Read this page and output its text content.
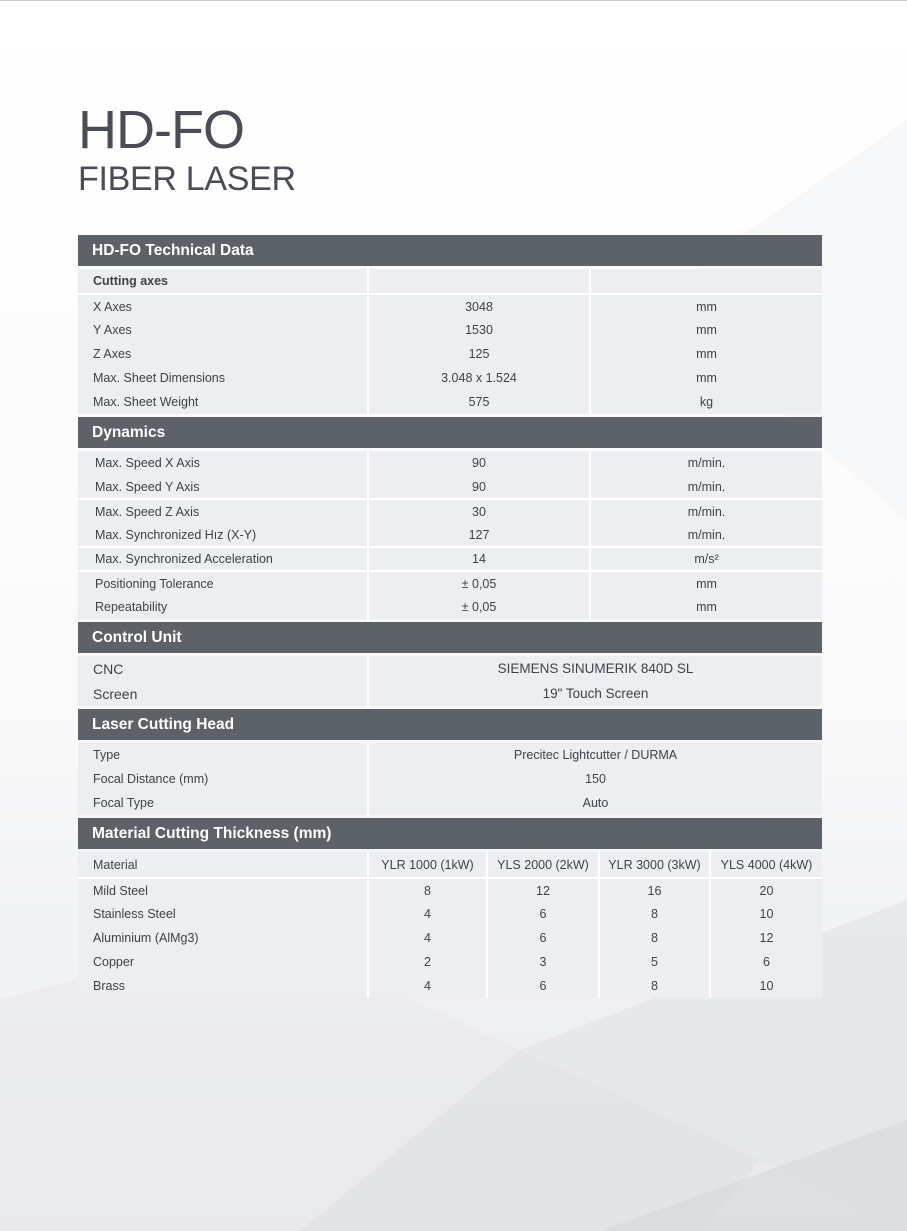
HD-FO
FIBER LASER
HD-FO Technical Data
Cutting axes		
X Axes	3048	mm
Y Axes	1530	mm
Z Axes	125	mm
Max. Sheet Dimensions	3.048 x 1.524	mm
Max. Sheet Weight	575	kg
Dynamics
Max. Speed X Axis	90	m/min.
Max. Speed Y Axis	90	m/min.
Max. Speed Z Axis	30	m/min.
Max. Synchronized Hız (X-Y)	127	m/min.
Max. Synchronized Acceleration	14	m/s²
Positioning Tolerance	± 0,05	mm
Repeatability	± 0,05	mm
Control Unit
CNC	SIEMENS SINUMERIK 840D SL
Screen	19" Touch Screen
Laser Cutting Head
Type	Precitec Lightcutter / DURMA
Focal Distance (mm)	150
Focal Type	Auto
Material Cutting Thickness (mm)
Material	YLR 1000 (1kW)	YLS 2000 (2kW)	YLR 3000 (3kW)	YLS 4000 (4kW)
Mild Steel	8	12	16	20
Stainless Steel	4	6	8	10
Aluminium (AlMg3)	4	6	8	12
Copper	2	3	5	6
Brass	4	6	8	10
